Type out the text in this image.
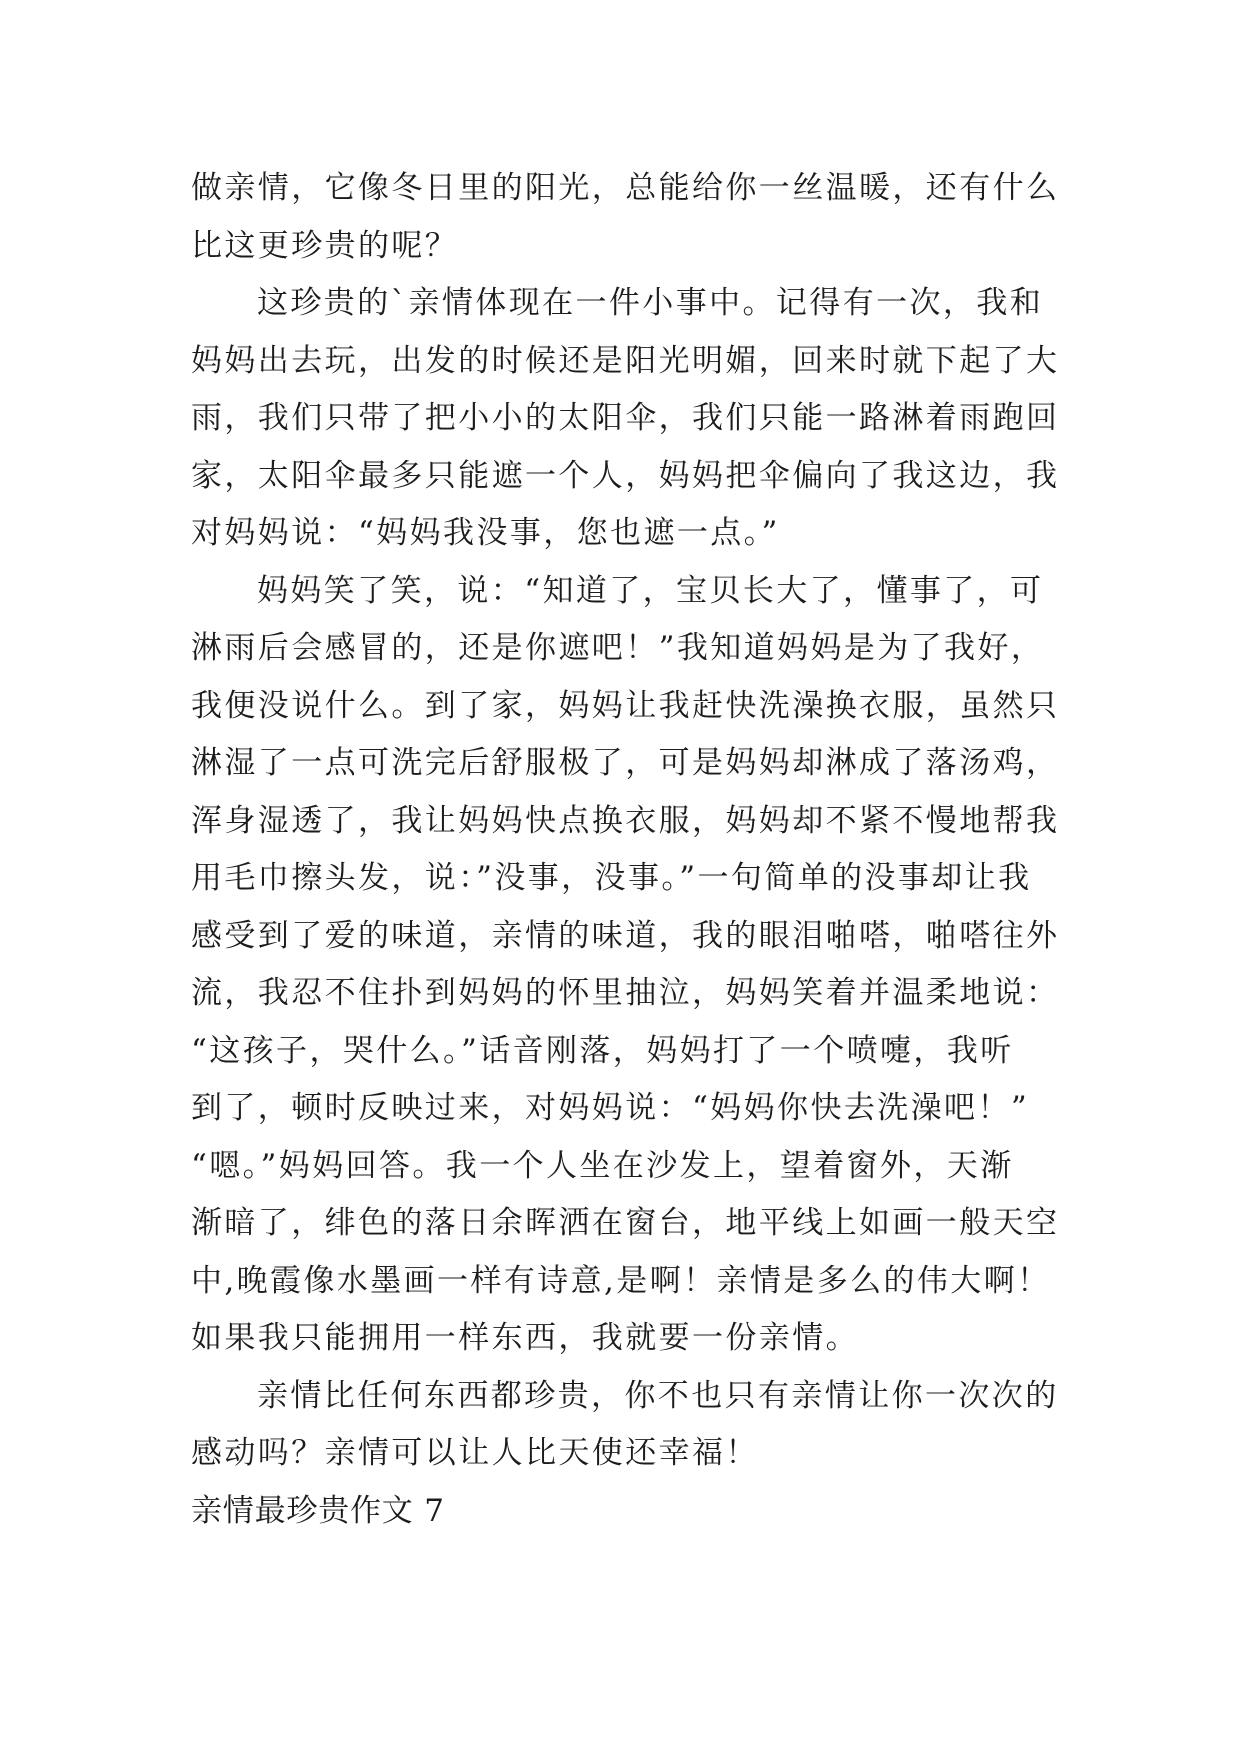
做亲情，它像冬日里的阳光，总能给你一丝温暖，还有什么
比这更珍贵的呢？
这珍贵的`亲情体现在一件小事中。记得有一次，我和
妈妈出去玩，出发的时候还是阳光明媚，回来时就下起了大
雨，我们只带了把小小的太阳伞，我们只能一路淋着雨跑回
家，太阳伞最多只能遮一个人，妈妈把伞偏向了我这边，我
对妈妈说：“妈妈我没事，您也遮一点。”
妈妈笑了笑，说：“知道了，宝贝长大了，懂事了，可
淋雨后会感冒的，还是你遮吧！”我知道妈妈是为了我好，
我便没说什么。到了家，妈妈让我赶快洗澡换衣服，虽然只
淋湿了一点可洗完后舒服极了，可是妈妈却淋成了落汤鸡，
浑身湿透了，我让妈妈快点换衣服，妈妈却不紧不慢地帮我
用毛巾擦头发，说：”没事，没事。”一句简单的没事却让我
感受到了爱的味道，亲情的味道，我的眼泪啪嗒，啪嗒往外
流，我忍不住扑到妈妈的怀里抽泣，妈妈笑着并温柔地说：
“这孩子，哭什么。”话音刚落，妈妈打了一个喷嚏，我听
到了，顿时反映过来，对妈妈说：“妈妈你快去洗澡吧！”
“嗯。”妈妈回答。我一个人坐在沙发上，望着窗外，天渐
渐暗了，绯色的落日余晖洒在窗台，地平线上如画一般天空
中,晚霞像水墨画一样有诗意,是啊！亲情是多么的伟大啊！
如果我只能拥用一样东西，我就要一份亲情。
亲情比任何东西都珍贵，你不也只有亲情让你一次次的
感动吗？亲情可以让人比天使还幸福！
亲情最珍贵作文 7
